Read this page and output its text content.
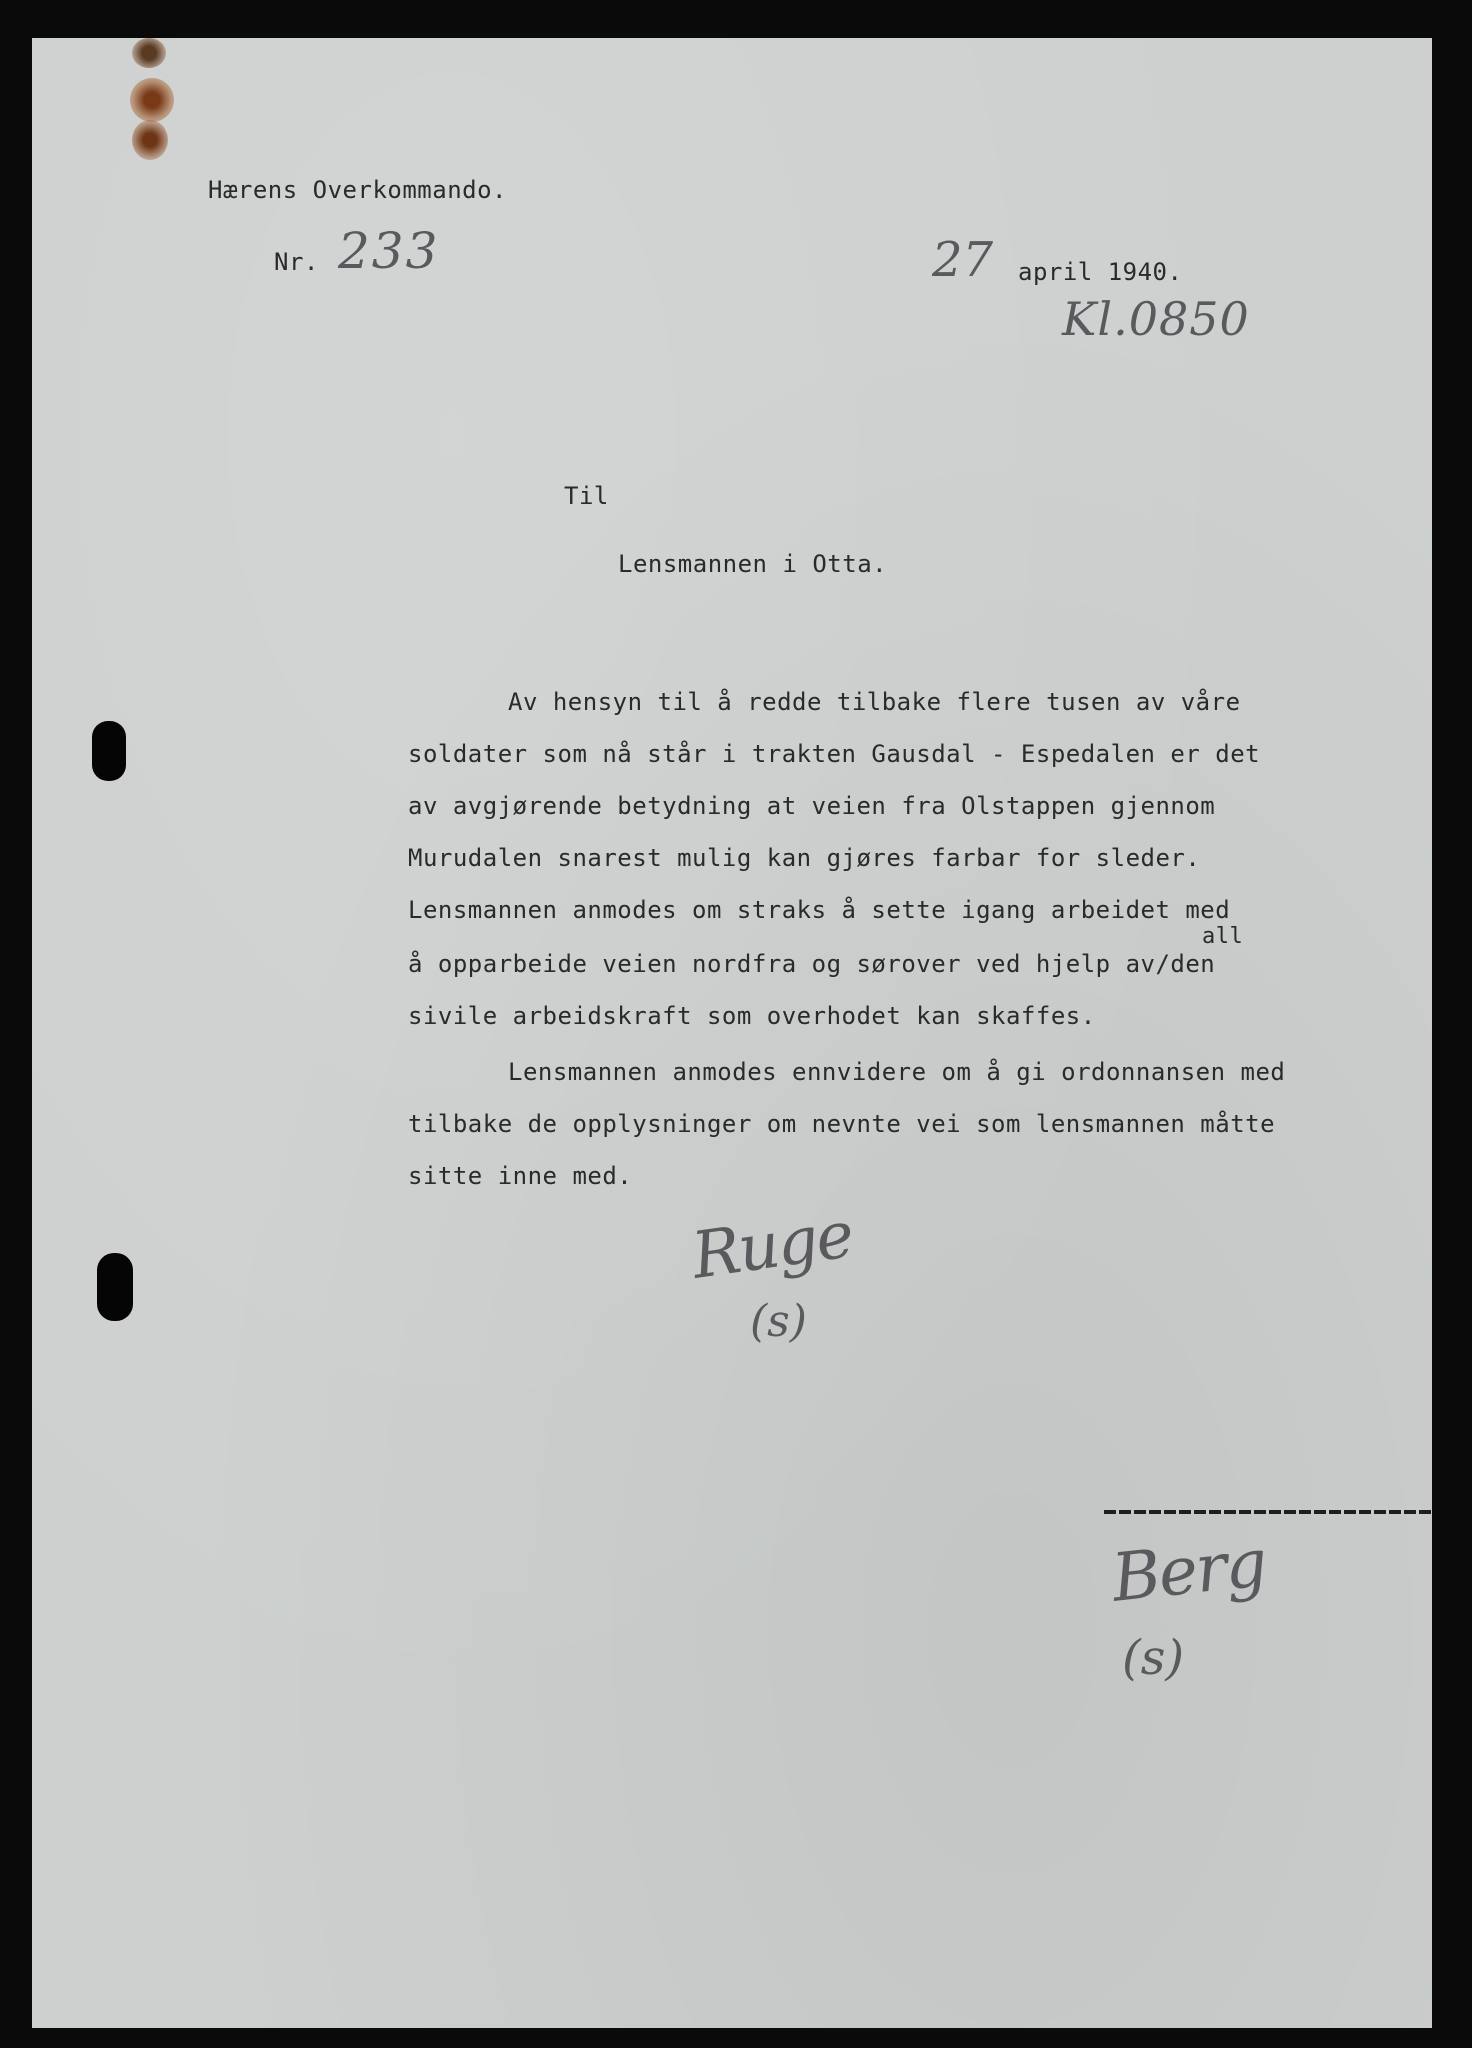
Hærens Overkommando.
Nr. 233	27 april 1940.
Kl.0850
Til
Lensmannen i Otta.
Av hensyn til å redde tilbake flere tusen av våre
soldater som nå står i trakten Gausdal - Espedalen er det
av avgjørende betydning at veien fra Olstappen gjennom
Murudalen snarest mulig kan gjøres farbar for sleder.
Lensmannen anmodes om straks å sette igang arbeidet med
all
å opparbeide veien nordfra og sørover ved hjelp av/den
sivile arbeidskraft som overhodet kan skaffes.
Lensmannen anmodes ennvidere om å gi ordonnansen med
tilbake de opplysninger om nevnte vei som lensmannen måtte
sitte inne med.
Ruge
(s)
Berg
(s)
